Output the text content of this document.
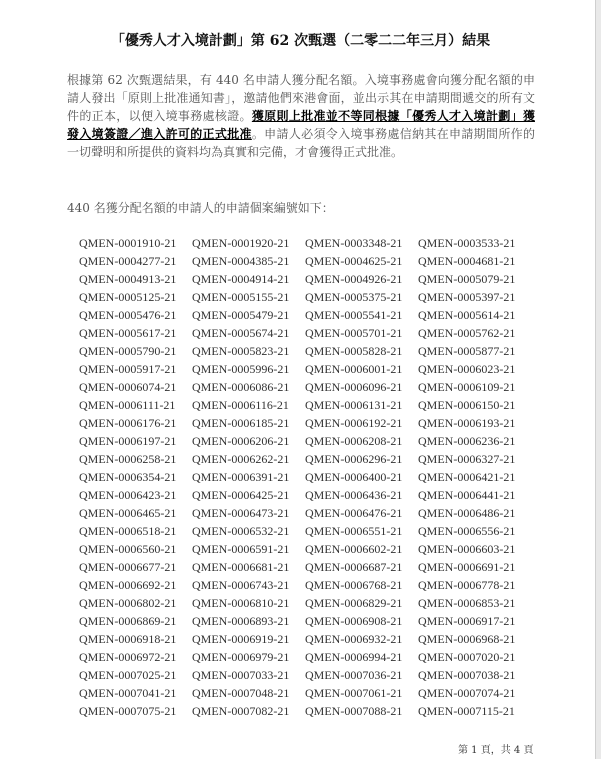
「優秀人才入境計劃」第 62 次甄選（二零二二年三月）結果
根據第 62 次甄選結果，有 440 名申請人獲分配名額。入境事務處會向獲分配名額的申請人發出「原則上批准通知書」，邀請他們來港會面，並出示其在申請期間遞交的所有文件的正本，以便入境事務處核證。獲原則上批准並不等同根據「優秀人才入境計劃」獲發入境簽證／進入許可的正式批准。申請人必須令入境事務處信納其在申請期間所作的一切聲明和所提供的資料均為真實和完備，才會獲得正式批准。
440 名獲分配名額的申請人的申請個案編號如下：
QMEN-0001910-21	QMEN-0001920-21	QMEN-0003348-21	QMEN-0003533-21
QMEN-0004277-21	QMEN-0004385-21	QMEN-0004625-21	QMEN-0004681-21
QMEN-0004913-21	QMEN-0004914-21	QMEN-0004926-21	QMEN-0005079-21
QMEN-0005125-21	QMEN-0005155-21	QMEN-0005375-21	QMEN-0005397-21
QMEN-0005476-21	QMEN-0005479-21	QMEN-0005541-21	QMEN-0005614-21
QMEN-0005617-21	QMEN-0005674-21	QMEN-0005701-21	QMEN-0005762-21
QMEN-0005790-21	QMEN-0005823-21	QMEN-0005828-21	QMEN-0005877-21
QMEN-0005917-21	QMEN-0005996-21	QMEN-0006001-21	QMEN-0006023-21
QMEN-0006074-21	QMEN-0006086-21	QMEN-0006096-21	QMEN-0006109-21
QMEN-0006111-21	QMEN-0006116-21	QMEN-0006131-21	QMEN-0006150-21
QMEN-0006176-21	QMEN-0006185-21	QMEN-0006192-21	QMEN-0006193-21
QMEN-0006197-21	QMEN-0006206-21	QMEN-0006208-21	QMEN-0006236-21
QMEN-0006258-21	QMEN-0006262-21	QMEN-0006296-21	QMEN-0006327-21
QMEN-0006354-21	QMEN-0006391-21	QMEN-0006400-21	QMEN-0006421-21
QMEN-0006423-21	QMEN-0006425-21	QMEN-0006436-21	QMEN-0006441-21
QMEN-0006465-21	QMEN-0006473-21	QMEN-0006476-21	QMEN-0006486-21
QMEN-0006518-21	QMEN-0006532-21	QMEN-0006551-21	QMEN-0006556-21
QMEN-0006560-21	QMEN-0006591-21	QMEN-0006602-21	QMEN-0006603-21
QMEN-0006677-21	QMEN-0006681-21	QMEN-0006687-21	QMEN-0006691-21
QMEN-0006692-21	QMEN-0006743-21	QMEN-0006768-21	QMEN-0006778-21
QMEN-0006802-21	QMEN-0006810-21	QMEN-0006829-21	QMEN-0006853-21
QMEN-0006869-21	QMEN-0006893-21	QMEN-0006908-21	QMEN-0006917-21
QMEN-0006918-21	QMEN-0006919-21	QMEN-0006932-21	QMEN-0006968-21
QMEN-0006972-21	QMEN-0006979-21	QMEN-0006994-21	QMEN-0007020-21
QMEN-0007025-21	QMEN-0007033-21	QMEN-0007036-21	QMEN-0007038-21
QMEN-0007041-21	QMEN-0007048-21	QMEN-0007061-21	QMEN-0007074-21
QMEN-0007075-21	QMEN-0007082-21	QMEN-0007088-21	QMEN-0007115-21
第 1 頁，共 4 頁
